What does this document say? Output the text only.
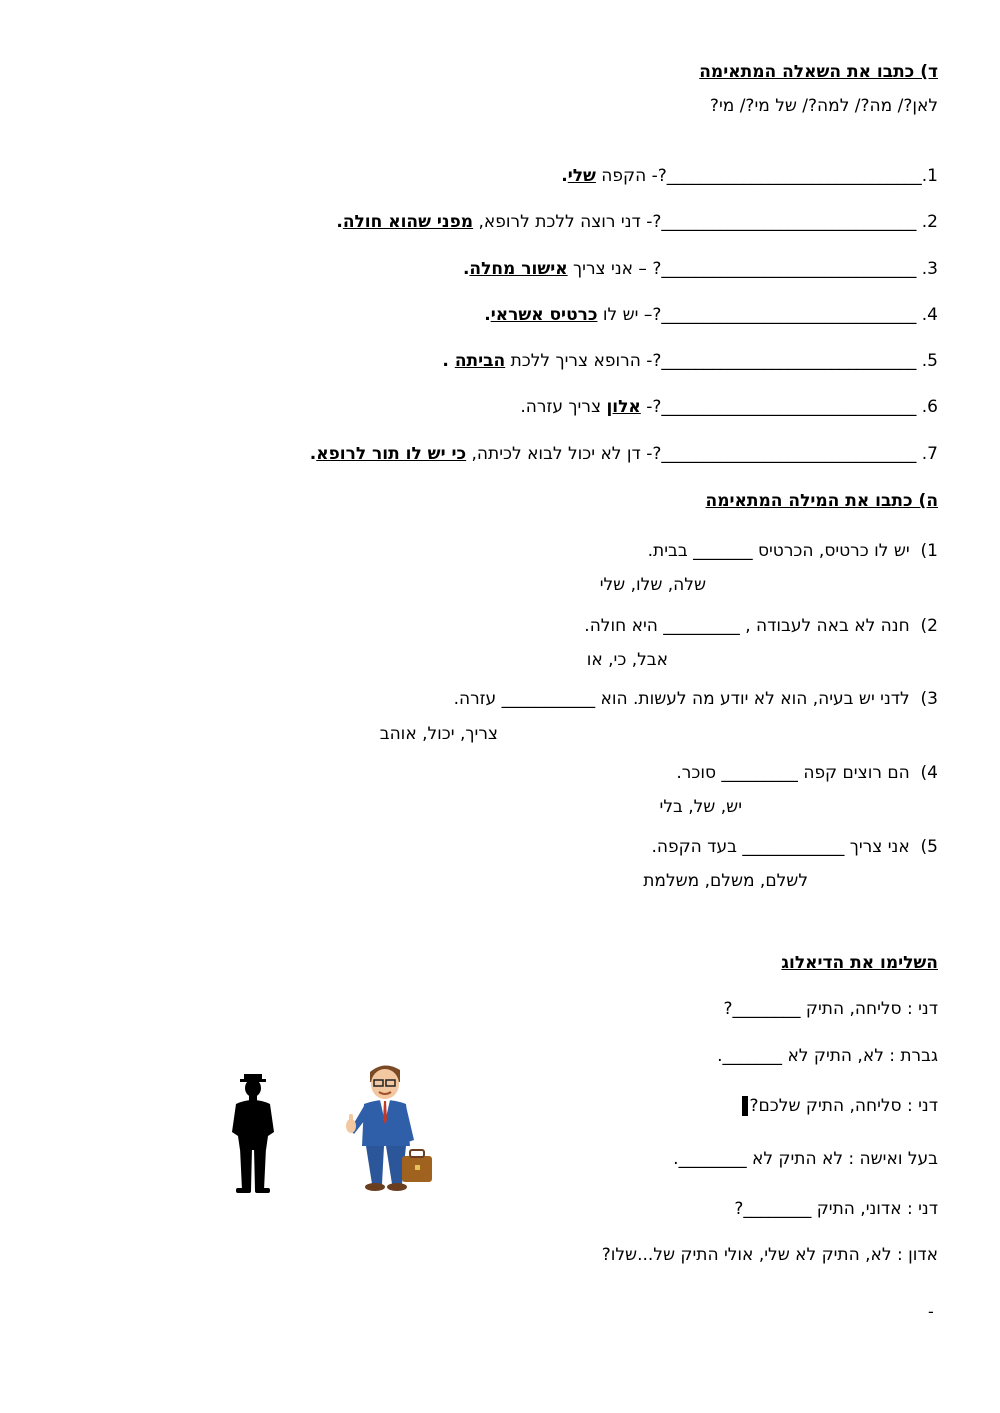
ד) כתבו את השאלה המתאימה
לאן?/ מה?/ למה?/ של מי?/ מי?
1.______________________________?- הקפה שלי.
2. ______________________________?- דני רוצה ללכת לרופא, מפני שהוא חולה.
3. ______________________________? – אני צריך אישור מחלה.
4. ______________________________?– יש לו כרטיס אשראי.
5. ______________________________?- הרופא צריך ללכת הביתה .
6. ______________________________?- אלון צריך עזרה.
7. ______________________________?- דן לא יכול לבוא לכיתה, כי יש לו תור לרופא.
ה) כתבו את המילה המתאימה
1)  יש לו כרטיס, הכרטיס _______ בבית.
שלה, שלו, שלי
2)  חנה לא באה לעבודה , _________ היא חולה.
אבל, כי, או
3)  לדני יש בעיה, הוא לא יודע מה לעשות. הוא ___________ עזרה.
צריך, יכול, אוהב
4)  הם רוצים קפה _________ סוכר.
יש, של, בלי
5)  אני צריך ____________ בעד הקפה.
לשלם, משלם, משלמת
השלימו את הדיאלוג
דני : סליחה, התיק ________?
גברת : לא, התיק לא _______.
דני : סליחה, התיק שלכם?
בעל ואישה : לא התיק לא ________.
דני : אדוני, התיק ________?
אדון : לא, התיק לא שלי, אולי התיק של...שלו?
-
